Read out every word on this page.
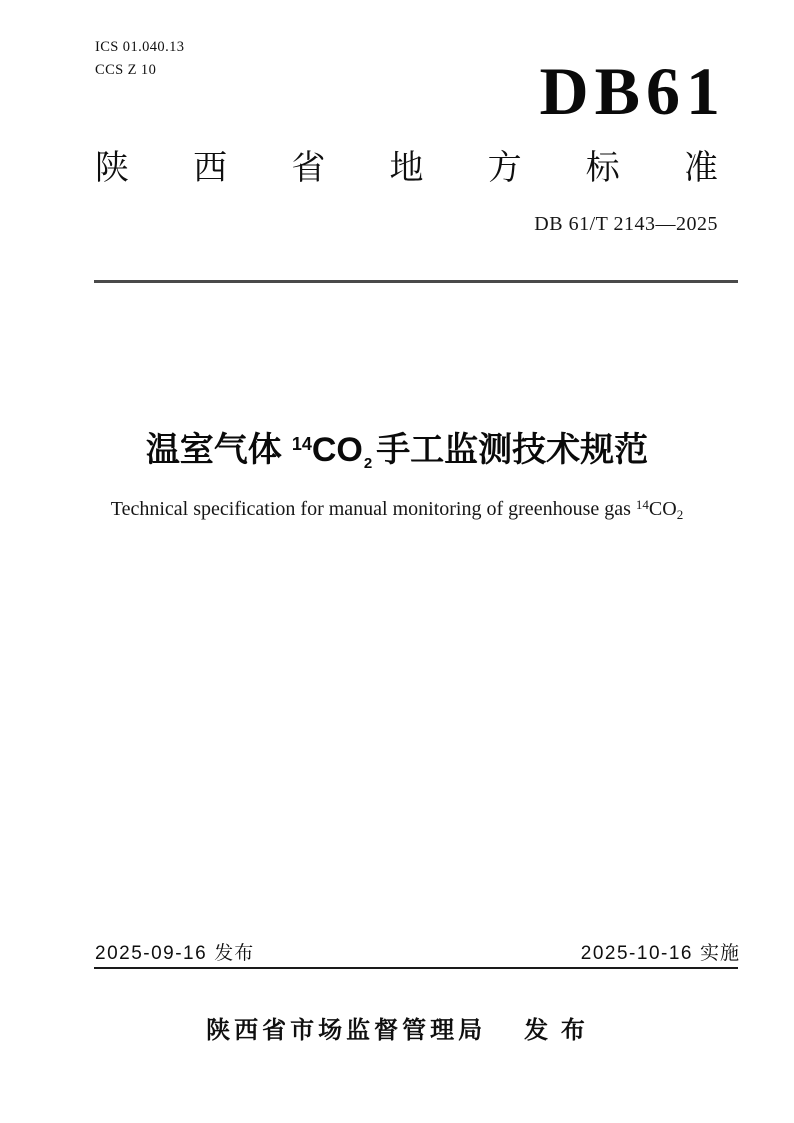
ICS 01.040.13
CCS Z 10	DB61
陕 西 省 地 方 标 准
DB 61/T 2143—2025
温室气体 $^{14}CO_2$ 手工监测技术规范
Technical specification for manual monitoring of greenhouse gas $^{14}CO_2$
2025-09-16 发布	2025-10-16 实施
陕西省市场监督管理局 发 布
